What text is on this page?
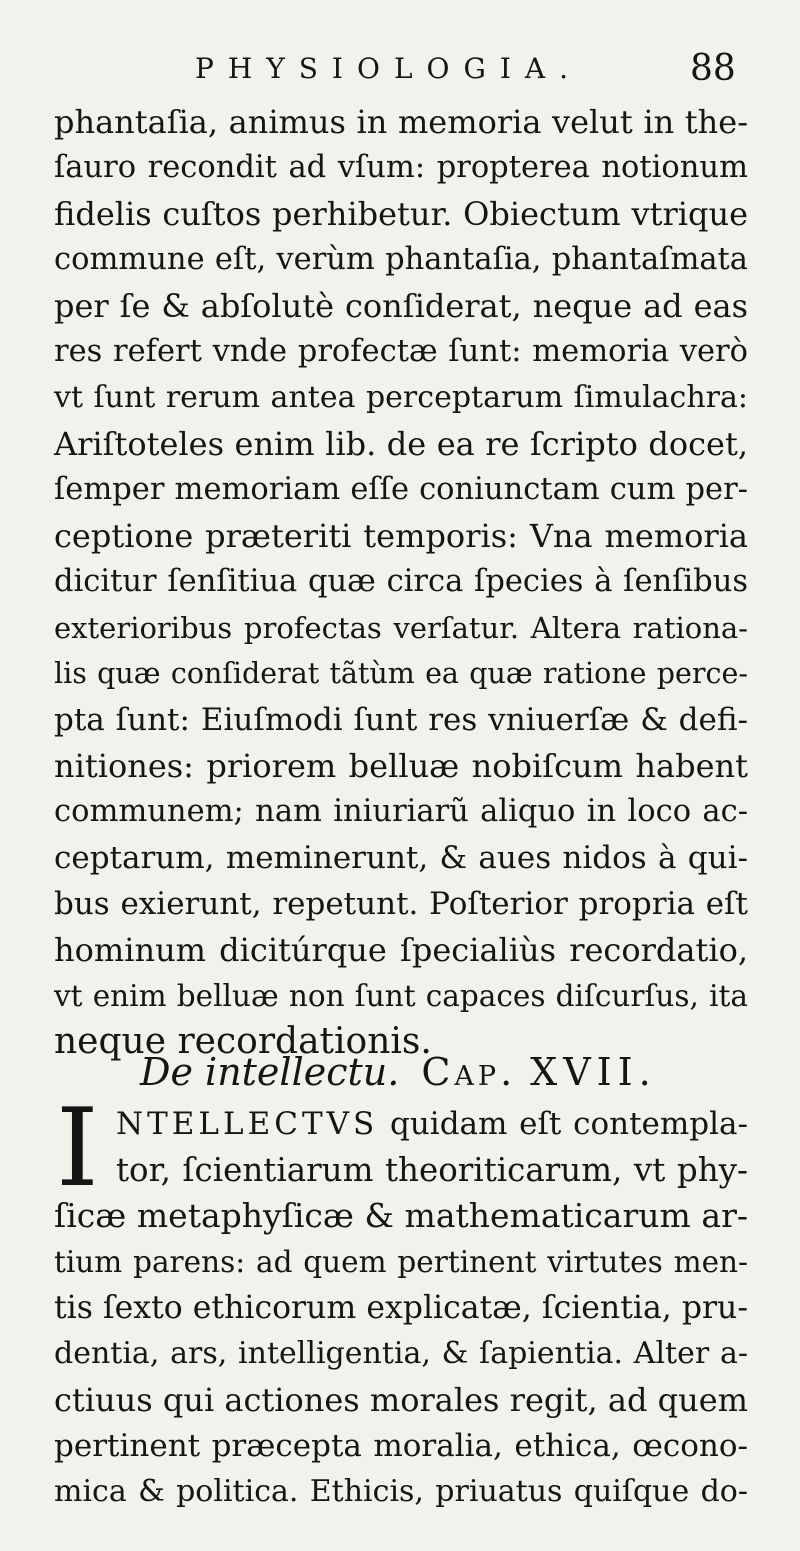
PHYSIOLOGIA.	88
phantaſia, animus in memoria velut in the-
ſauro recondit ad vſum: propterea notionum
fidelis cuſtos perhibetur. Obiectum vtrique
commune eſt, verùm phantaſia, phantaſmata
per ſe & abſolutè conſiderat, neque ad eas
res refert vnde profectæ ſunt: memoria verò
vt ſunt rerum antea perceptarum ſimulachra:
Ariſtoteles enim lib. de ea re ſcripto docet,
ſemper memoriam eſſe coniunctam cum per-
ceptione præteriti temporis: Vna memoria
dicitur ſenſitiua quæ circa ſpecies à ſenſibus
exterioribus profectas verſatur. Altera rationa-
lis quæ conſiderat tãtùm ea quæ ratione perce-
pta ſunt: Eiuſmodi ſunt res vniuerſæ & defi-
nitiones: priorem belluæ nobiſcum habent
communem; nam iniuriarũ aliquo in loco ac-
ceptarum, meminerunt, & aues nidos à qui-
bus exierunt, repetunt. Poſterior propria eſt
hominum dicitúrque ſpecialiùs recordatio,
vt enim belluæ non ſunt capaces diſcurſus, ita
neque recordationis.
De intellectu. Cap. XVII.
I NTELLECTVS quidam eſt contempla-
tor, ſcientiarum theoriticarum, vt phy-
ſicæ metaphyſicæ & mathematicarum ar-
tium parens: ad quem pertinent virtutes men-
tis ſexto ethicorum explicatæ, ſcientia, pru-
dentia, ars, intelligentia, & ſapientia. Alter a-
ctiuus qui actiones morales regit, ad quem
pertinent præcepta moralia, ethica, œcono-
mica & politica. Ethicis, priuatus quiſque do-
